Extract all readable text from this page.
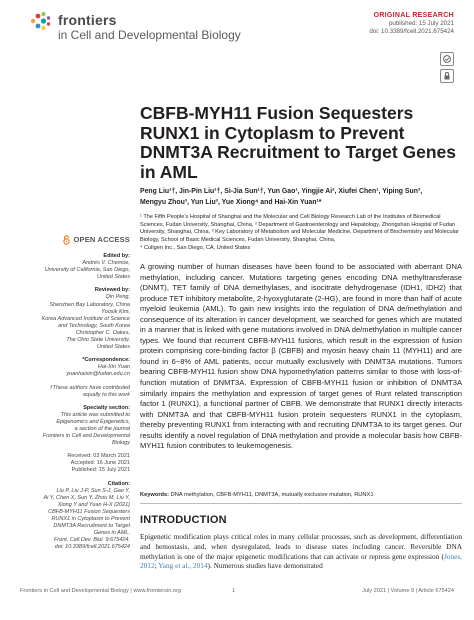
frontiers
in Cell and Developmental Biology
ORIGINAL RESEARCH
published: 15 July 2021
doi: 10.3389/fcell.2021.675424
CBFB-MYH11 Fusion Sequesters RUNX1 in Cytoplasm to Prevent DNMT3A Recruitment to Target Genes in AML
Peng Liu¹†, Jin-Pin Liu¹†, Si-Jia Sun¹†, Yun Gao¹, Yingjie Ai², Xiufei Chen¹, Yiping Sun³,
Mengyu Zhou³, Yun Liu³, Yue Xiong⁴ and Hai-Xin Yuan¹*
¹ The Fifth People’s Hospital of Shanghai and the Molecular and Cell Biology Research Lab of the Institutes of Biomedical Sciences, Fudan University, Shanghai, China, ² Department of Gastroenterology and Hepatology, Zhongshan Hospital of Fudan University, Shanghai, China, ³ Key Laboratory of Metabolism and Molecular Medicine, Department of Biochemistry and Molecular Biology, School of Basic Medical Sciences, Fudan University, Shanghai, China,
⁴ Cullgen Inc., San Diego, CA, United States
OPEN ACCESS
Edited by:
Andrés V. Chemoe,
University of California, San Diego,
United States
Reviewed by:
Qin Peng,
Shenzhen Bay Laboratory, China
Yoosik Kim,
Korea Advanced Institute of Science
and Technology, South Korea
Christopher C. Oakes,
The Ohio State University,
United States
*Correspondence:
Hai-Xin Yuan
yuanhaixin@fudan.edu.cn
†These authors have contributed
equally to this work
Specialty section:
This article was submitted to
Epigenomics and Epigenetics,
a section of the journal
Frontiers in Cell and Developmental
Biology
Received: 03 March 2021
Accepted: 16 June 2021
Published: 15 July 2021
Citation:
Liu P, Liu J-P, Sun S-J, Gao Y,
Ai Y, Chen X, Sun Y, Zhou M, Liu Y,
Xiong Y and Yuan H-X (2021)
CBFB-MYH11 Fusion Sequesters
RUNX1 in Cytoplasm to Prevent
DNMT3A Recruitment to Target
Genes in AML.
Front. Cell Dev. Biol. 9:675424.
doi: 10.3389/fcell.2021.675424
A growing number of human diseases have been found to be associated with aberrant DNA methylation, including cancer. Mutations targeting genes encoding DNA methyltransferase (DNMT), TET family of DNA demethylases, and isocitrate dehydrogenase (IDH1, IDH2) that produce TET inhibitory metabolite, 2-hyoxyglutarate (2-HG), are found in more than half of acute myeloid leukemia (AML). To gain new insights into the regulation of DNA de/methylation and consequence of its alteration in cancer development, we searched for genes which are mutated in a manner that is linked with gene mutations involved in DNA de/methylation in multiple cancer types. We found that recurrent CBFB-MYH11 fusions, which result in the expression of fusion protein comprising core-binding factor β (CBFB) and myosin heavy chain 11 (MYH11) and are found in 6~8% of AML patients, occur mutually exclusively with DNMT3A mutations. Tumors bearing CBFB-MYH11 fusion show DNA hypomethylation patterns similar to those with loss-of-function mutation of DNMT3A. Expression of CBFB-MYH11 fusion or inhibition of DNMT3A similarly impairs the methylation and expression of target genes of Runt related transcription factor 1 (RUNX1), a functional partner of CBFB. We demonstrate that RUNX1 directly interacts with DNMT3A and that CBFB-MYH11 fusion protein sequesters RUNX1 in the cytoplasm, thereby preventing RUNX1 from interacting with and recruiting DNMT3A to its target genes. Our results identify a novel regulation of DNA methylation and provide a molecular basis how CBFB-MYH11 fusion contributes to leukemogenesis.
Keywords: DNA methylation, CBFB-MYH11, DNMT3A, mutually exclusive mutation, RUNX1
INTRODUCTION
Epigenetic modification plays critical roles in many cellular processes, such as development, differentiation and hemostasis, and, when dysregulated, leads to disease states including cancer. Reversible DNA methylation is one of the major epigenetic modifications that can activate or repress gene expression (Jones, 2012; Yang et al., 2014). Numerous studies have demonstrated
Frontiers in Cell and Developmental Biology | www.frontiersin.org	1	July 2021 | Volume 9 | Article 675424
